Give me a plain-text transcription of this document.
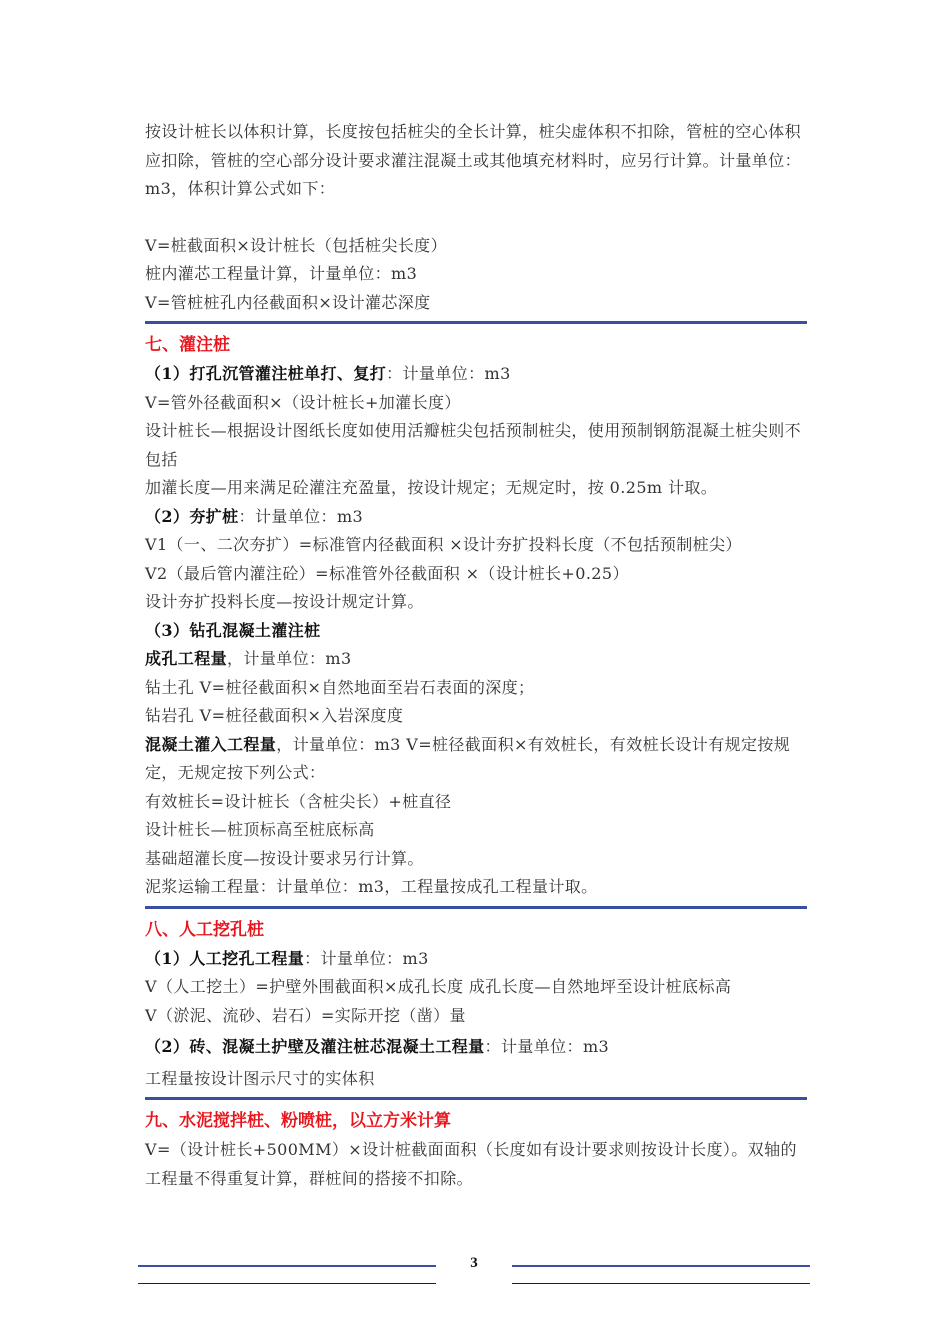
按设计桩长以体积计算，长度按包括桩尖的全长计算，桩尖虚体积不扣除，管桩的空心体积应扣除，管桩的空心部分设计要求灌注混凝土或其他填充材料时，应另行计算。计量单位：m3，体积计算公式如下：

V=桩截面积×设计桩长（包括桩尖长度）

桩内灌芯工程量计算，计量单位：m3

V=管桩桩孔内径截面积×设计灌芯深度

七、灌注桩

（1）打孔沉管灌注桩单打、复打：计量单位：m3

V=管外径截面积×（设计桩长+加灌长度）

设计桩长—根据设计图纸长度如使用活瓣桩尖包括预制桩尖，使用预制钢筋混凝土桩尖则不包括

加灌长度—用来满足砼灌注充盈量，按设计规定；无规定时，按 0.25m 计取。

（2）夯扩桩：计量单位：m3

V1（一、二次夯扩）=标准管内径截面积 ×设计夯扩投料长度（不包括预制桩尖）

V2（最后管内灌注砼）=标准管外径截面积 ×（设计桩长+0.25）

设计夯扩投料长度—按设计规定计算。

（3）钻孔混凝土灌注桩

成孔工程量，计量单位：m3

钻土孔 V=桩径截面积×自然地面至岩石表面的深度；

钻岩孔 V=桩径截面积×入岩深度度

混凝土灌入工程量，计量单位：m3 V=桩径截面积×有效桩长，有效桩长设计有规定按规定，无规定按下列公式：

有效桩长=设计桩长（含桩尖长）+桩直径

设计桩长—桩顶标高至桩底标高

基础超灌长度—按设计要求另行计算。

泥浆运输工程量：计量单位：m3，工程量按成孔工程量计取。

八、人工挖孔桩

（1）人工挖孔工程量：计量单位：m3

V（人工挖土）=护壁外围截面积×成孔长度 成孔长度—自然地坪至设计桩底标高

V（淤泥、流砂、岩石）=实际开挖（凿）量

（2）砖、混凝土护壁及灌注桩芯混凝土工程量：计量单位：m3

工程量按设计图示尺寸的实体积

九、水泥搅拌桩、粉喷桩，以立方米计算

V=（设计桩长+500MM）×设计桩截面面积（长度如有设计要求则按设计长度）。双轴的工程量不得重复计算，群桩间的搭接不扣除。

3
